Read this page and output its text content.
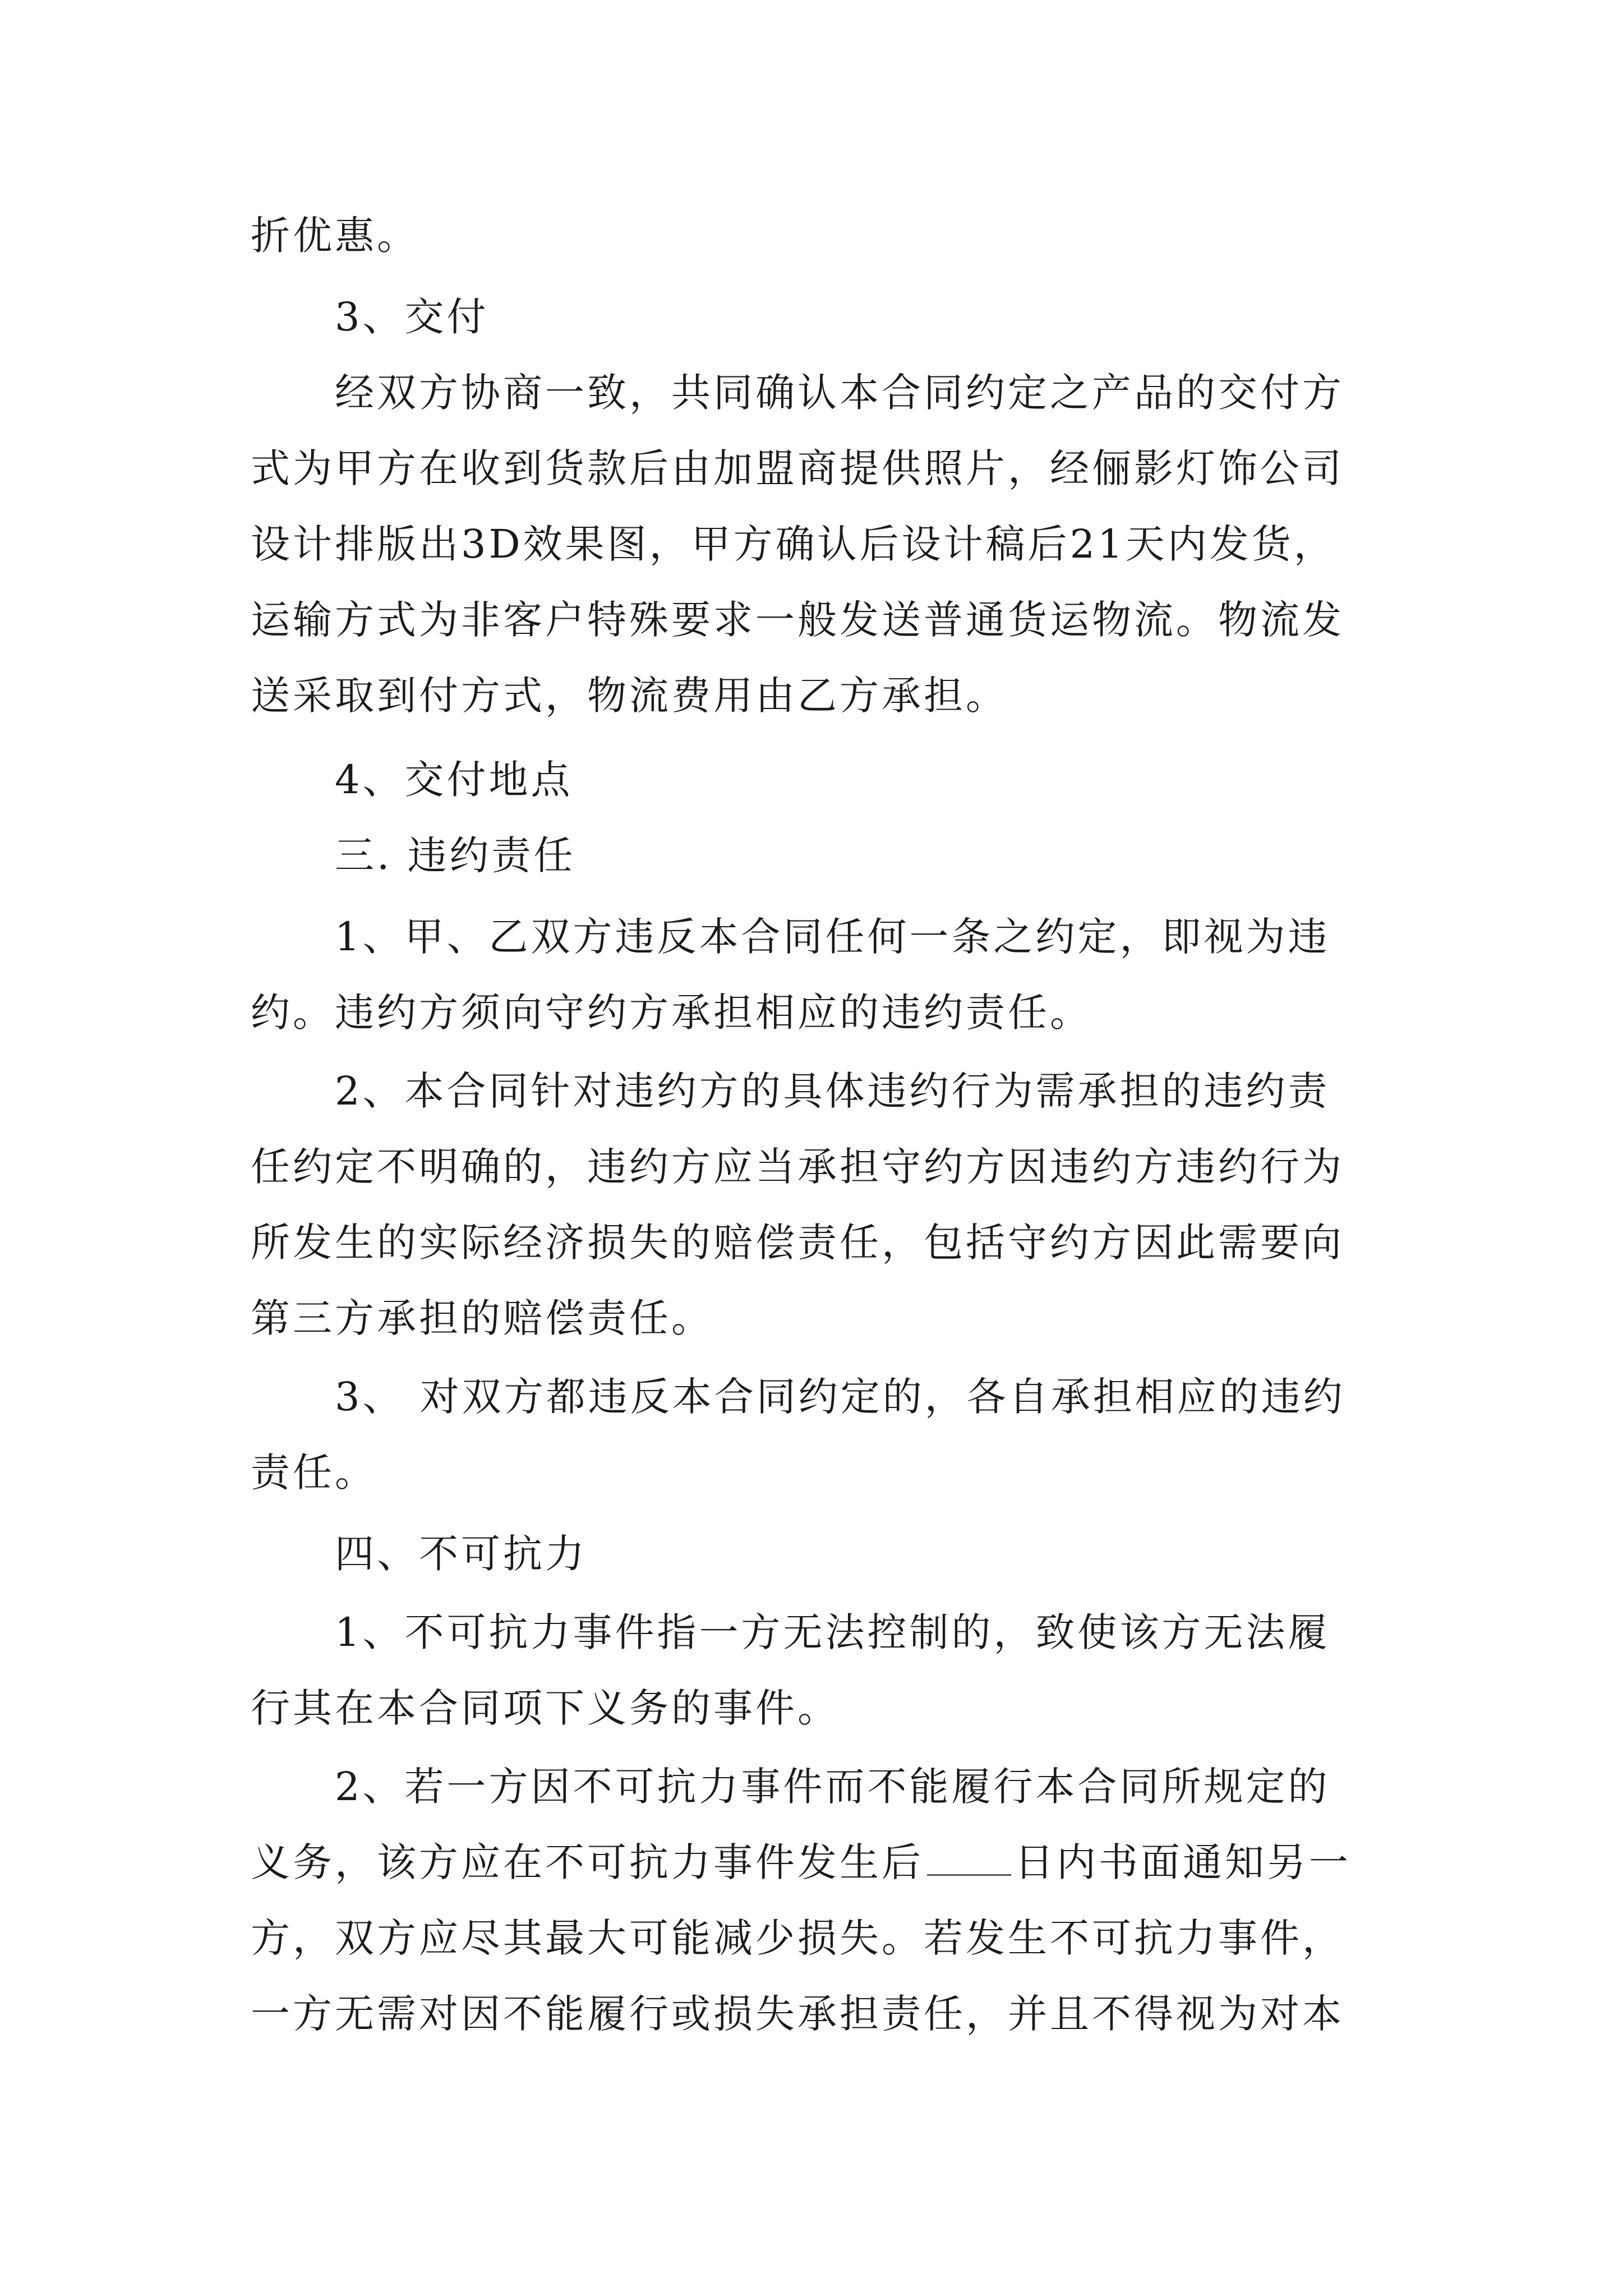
折优惠。
3、交付
经双方协商一致，共同确认本合同约定之产品的交付方
式为甲方在收到货款后由加盟商提供照片，经俪影灯饰公司
设计排版出3D效果图，甲方确认后设计稿后21天内发货，
运输方式为非客户特殊要求一般发送普通货运物流。物流发
送采取到付方式，物流费用由乙方承担。
4、交付地点
三. 违约责任
1、甲、乙双方违反本合同任何一条之约定，即视为违
约。违约方须向守约方承担相应的违约责任。
2、本合同针对违约方的具体违约行为需承担的违约责
任约定不明确的，违约方应当承担守约方因违约方违约行为
所发生的实际经济损失的赔偿责任，包括守约方因此需要向
第三方承担的赔偿责任。
3、 对双方都违反本合同约定的，各自承担相应的违约
责任。
四、不可抗力
1、不可抗力事件指一方无法控制的，致使该方无法履
行其在本合同项下义务的事件。
2、若一方因不可抗力事件而不能履行本合同所规定的
义务，该方应在不可抗力事件发生后 日内书面通知另一
方，双方应尽其最大可能减少损失。若发生不可抗力事件，
一方无需对因不能履行或损失承担责任，并且不得视为对本
